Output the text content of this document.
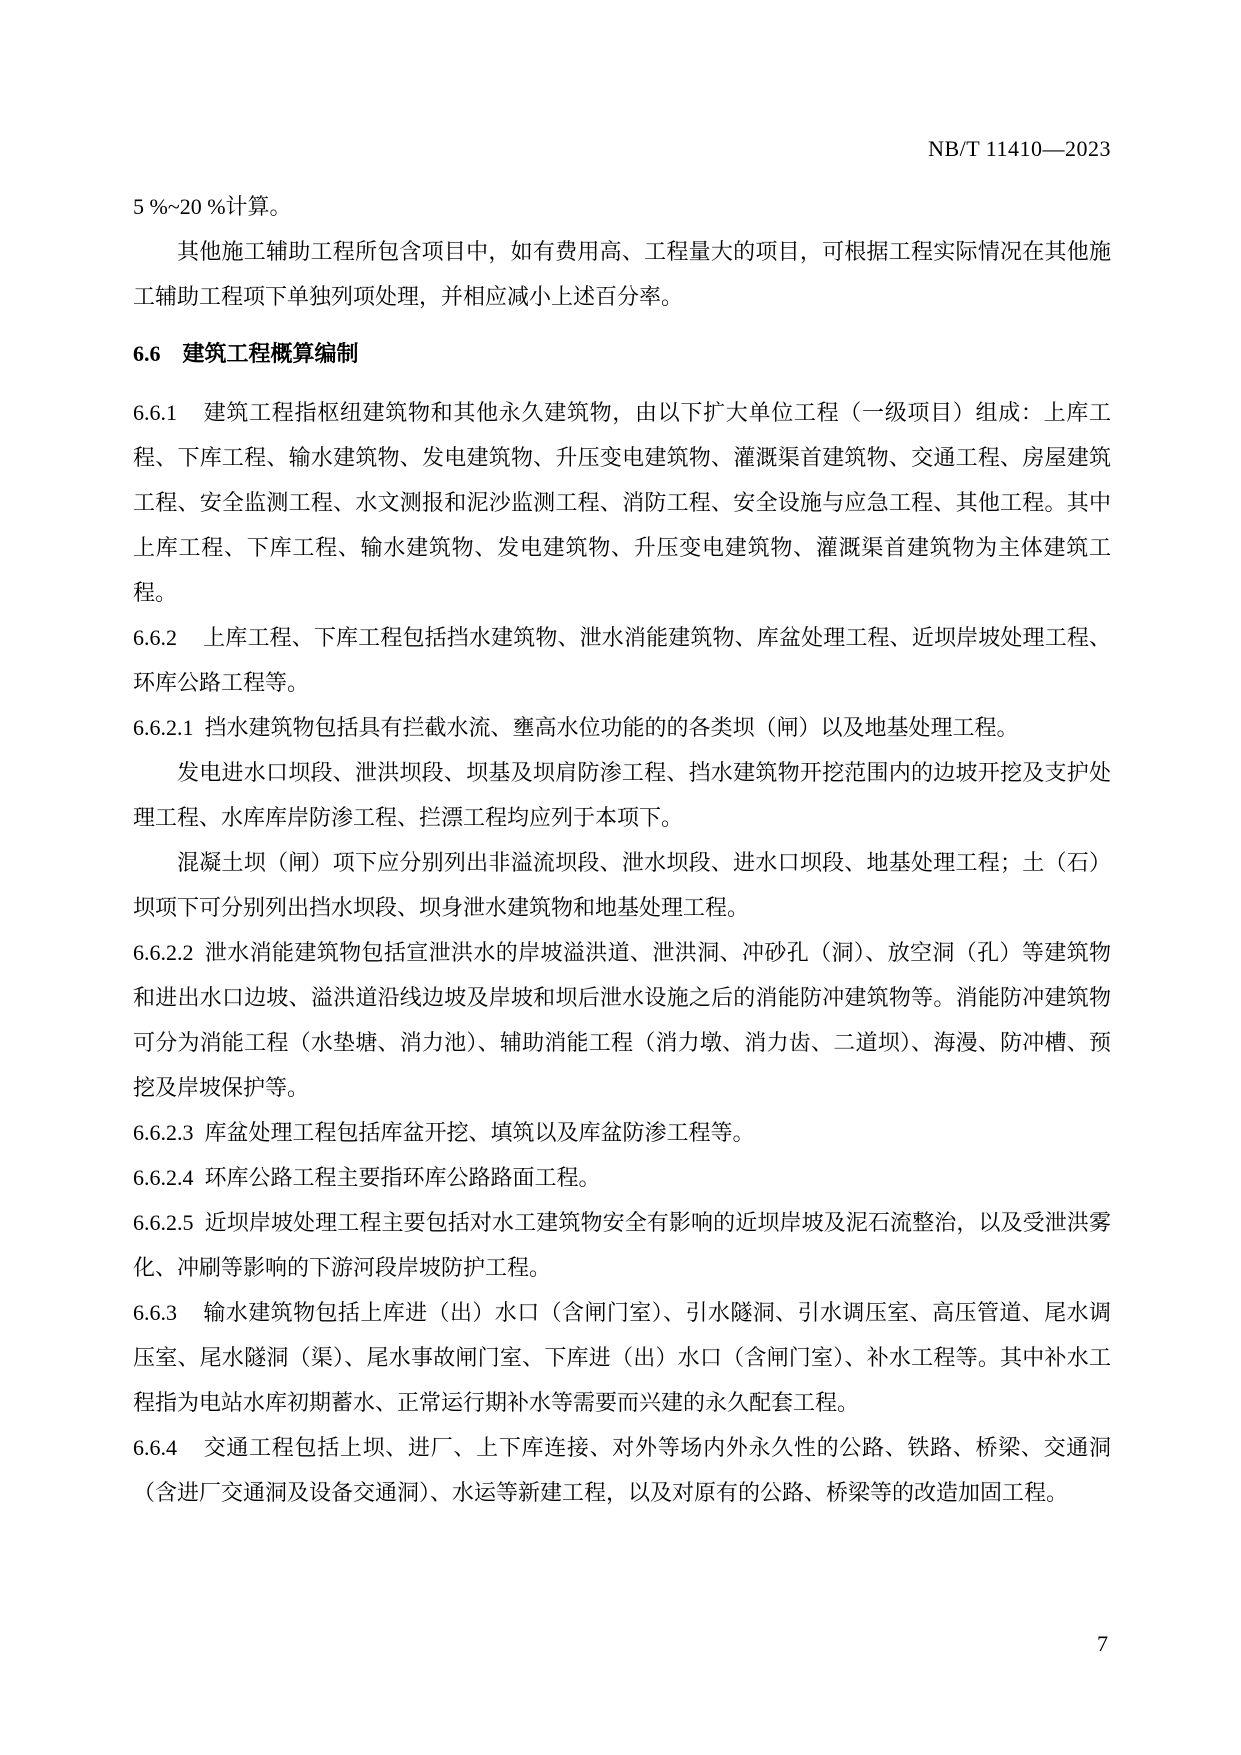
NB/T 11410—2023

5 %~20 %计算。

其他施工辅助工程所包含项目中，如有费用高、工程量大的项目，可根据工程实际情况在其他施工辅助工程项下单独列项处理，并相应减小上述百分率。

6.6 建筑工程概算编制

6.6.1 建筑工程指枢纽建筑物和其他永久建筑物，由以下扩大单位工程（一级项目）组成：上库工程、下库工程、输水建筑物、发电建筑物、升压变电建筑物、灌溉渠首建筑物、交通工程、房屋建筑工程、安全监测工程、水文测报和泥沙监测工程、消防工程、安全设施与应急工程、其他工程。其中上库工程、下库工程、输水建筑物、发电建筑物、升压变电建筑物、灌溉渠首建筑物为主体建筑工程。

6.6.2 上库工程、下库工程包括挡水建筑物、泄水消能建筑物、库盆处理工程、近坝岸坡处理工程、环库公路工程等。

6.6.2.1 挡水建筑物包括具有拦截水流、壅高水位功能的的各类坝（闸）以及地基处理工程。

发电进水口坝段、泄洪坝段、坝基及坝肩防渗工程、挡水建筑物开挖范围内的边坡开挖及支护处理工程、水库库岸防渗工程、拦漂工程均应列于本项下。

混凝土坝（闸）项下应分别列出非溢流坝段、泄水坝段、进水口坝段、地基处理工程；土（石）坝项下可分别列出挡水坝段、坝身泄水建筑物和地基处理工程。

6.6.2.2 泄水消能建筑物包括宣泄洪水的岸坡溢洪道、泄洪洞、冲砂孔（洞）、放空洞（孔）等建筑物和进出水口边坡、溢洪道沿线边坡及岸坡和坝后泄水设施之后的消能防冲建筑物等。消能防冲建筑物可分为消能工程（水垫塘、消力池）、辅助消能工程（消力墩、消力齿、二道坝）、海漫、防冲槽、预挖及岸坡保护等。

6.6.2.3 库盆处理工程包括库盆开挖、填筑以及库盆防渗工程等。

6.6.2.4 环库公路工程主要指环库公路路面工程。

6.6.2.5 近坝岸坡处理工程主要包括对水工建筑物安全有影响的近坝岸坡及泥石流整治，以及受泄洪雾化、冲刷等影响的下游河段岸坡防护工程。

6.6.3 输水建筑物包括上库进（出）水口（含闸门室）、引水隧洞、引水调压室、高压管道、尾水调压室、尾水隧洞（渠）、尾水事故闸门室、下库进（出）水口（含闸门室）、补水工程等。其中补水工程指为电站水库初期蓄水、正常运行期补水等需要而兴建的永久配套工程。

6.6.4 交通工程包括上坝、进厂、上下库连接、对外等场内外永久性的公路、铁路、桥梁、交通洞（含进厂交通洞及设备交通洞）、水运等新建工程，以及对原有的公路、桥梁等的改造加固工程。

7
